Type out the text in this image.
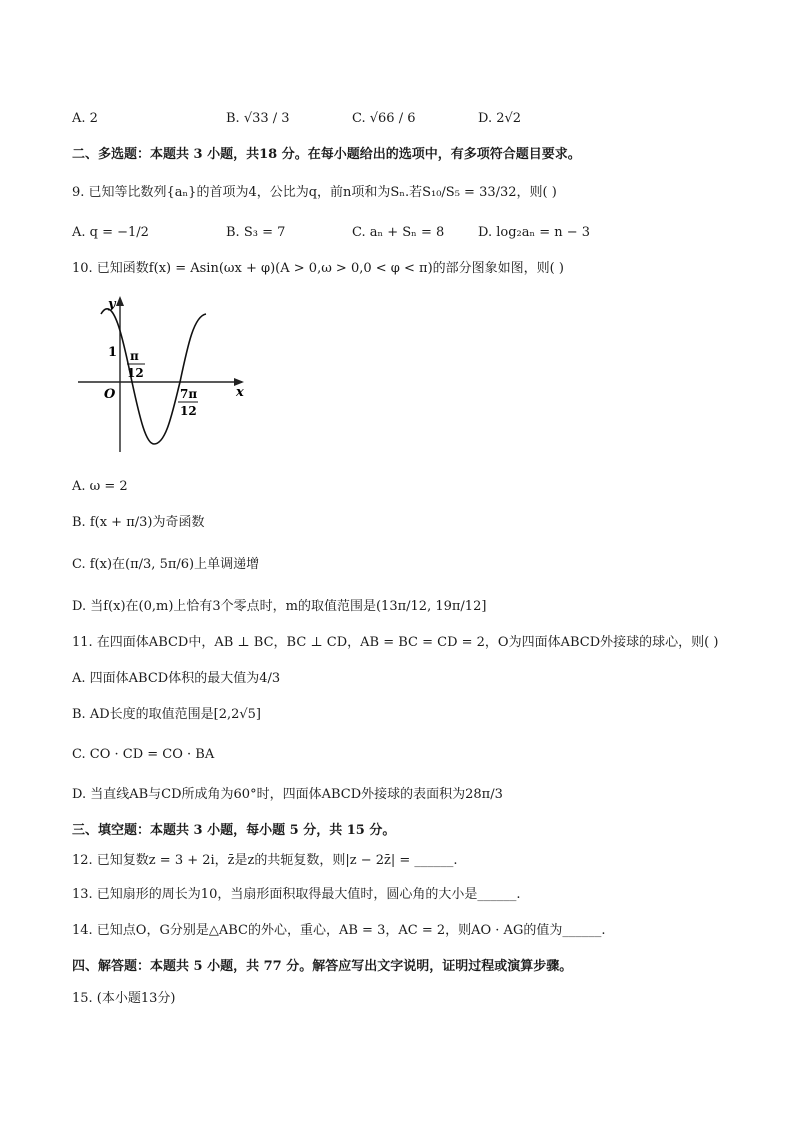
A. 2	B. √33 / 3	C. √66 / 6	D. 2√2
二、多选题：本题共 3 小题，共18 分。在每小题给出的选项中，有多项符合题目要求。
9. 已知等比数列{aₙ}的首项为4，公比为q，前n项和为Sₙ.若S₁₀/S₅ = 33/32，则( )
A. q = −1/2	B. S₃ = 7	C. aₙ + Sₙ = 8	D. log₂aₙ = n − 3
10. 已知函数f(x) = Asin(ωx + φ)(A > 0,ω > 0,0 < φ < π)的部分图象如图，则( )
y
x
O
1 π
12
7π
12
A. ω = 2
B. f(x + π/3)为奇函数
C. f(x)在(π/3, 5π/6)上单调递增
D. 当f(x)在(0,m)上恰有3个零点时，m的取值范围是(13π/12, 19π/12]
11. 在四面体ABCD中，AB ⊥ BC，BC ⊥ CD，AB = BC = CD = 2，O为四面体ABCD外接球的球心，则( )
A. 四面体ABCD体积的最大值为4/3
B. AD长度的取值范围是[2,2√5]
C. CO · CD = CO · BA
D. 当直线AB与CD所成角为60°时，四面体ABCD外接球的表面积为28π/3
三、填空题：本题共 3 小题，每小题 5 分，共 15 分。
12. 已知复数z = 3 + 2i，z̄是z的共轭复数，则|z − 2z̄| = ______.
13. 已知扇形的周长为10，当扇形面积取得最大值时，圆心角的大小是______.
14. 已知点O，G分别是△ABC的外心，重心，AB = 3，AC = 2，则AO · AG的值为______.
四、解答题：本题共 5 小题，共 77 分。解答应写出文字说明，证明过程或演算步骤。
15. (本小题13分)
